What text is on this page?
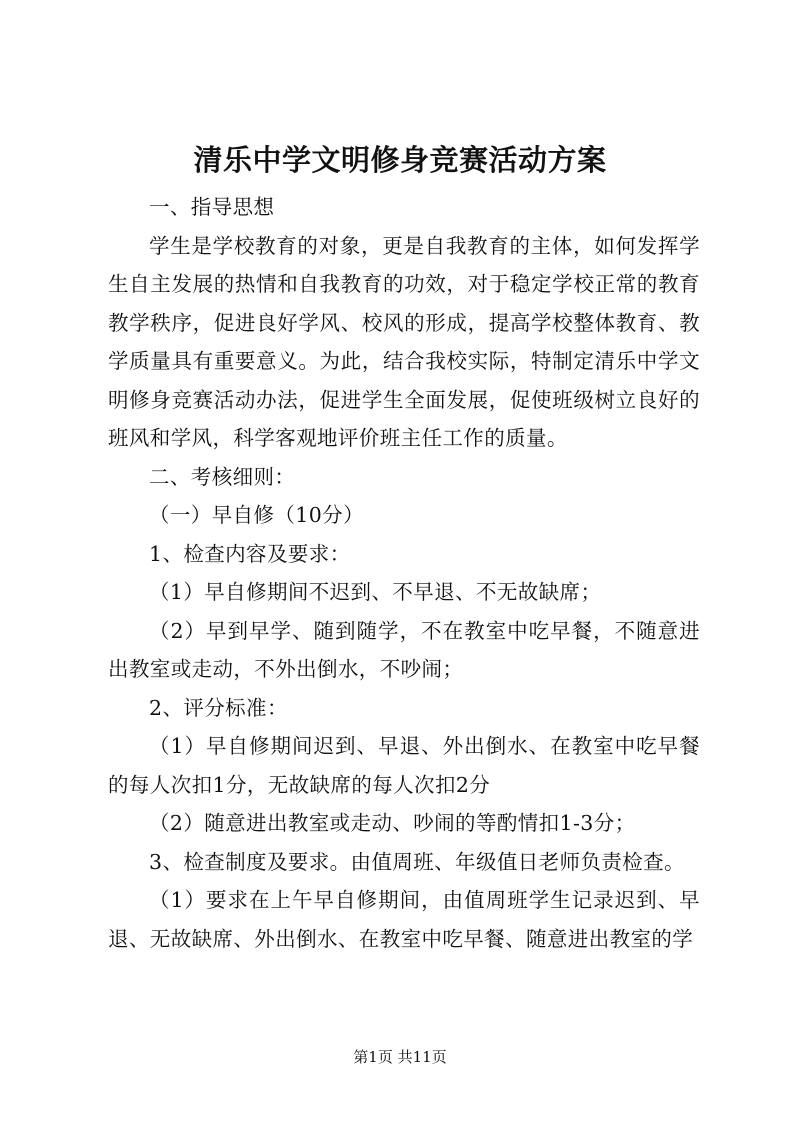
清乐中学文明修身竞赛活动方案

一、指导思想

学生是学校教育的对象，更是自我教育的主体，如何发挥学生自主发展的热情和自我教育的功效，对于稳定学校正常的教育教学秩序，促进良好学风、校风的形成，提高学校整体教育、教学质量具有重要意义。为此，结合我校实际，特制定清乐中学文明修身竞赛活动办法，促进学生全面发展，促使班级树立良好的班风和学风，科学客观地评价班主任工作的质量。

二、考核细则：

（一）早自修（10分）

1、检查内容及要求：

（1）早自修期间不迟到、不早退、不无故缺席；

（2）早到早学、随到随学，不在教室中吃早餐，不随意进出教室或走动，不外出倒水，不吵闹；

2、评分标准：

（1）早自修期间迟到、早退、外出倒水、在教室中吃早餐的每人次扣1分，无故缺席的每人次扣2分

（2）随意进出教室或走动、吵闹的等酌情扣1-3分；

3、检查制度及要求。由值周班、年级值日老师负责检查。

（1）要求在上午早自修期间，由值周班学生记录迟到、早退、无故缺席、外出倒水、在教室中吃早餐、随意进出教室的学

第1页 共11页
